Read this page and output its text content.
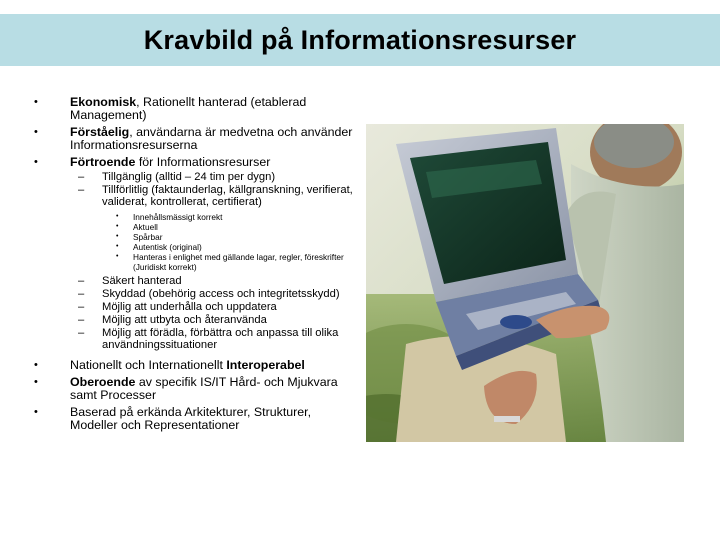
Kravbild på Informationsresurser
•	Ekonomisk, Rationellt hanterad (etablerad Management)
•	Förståelig, användarna är medvetna och använder Informationsresurserna
•	Förtroende för Informationsresurser
– Tillgänglig (alltid – 24 tim per dygn)
– Tillförlitlig (faktaunderlag, källgranskning, verifierat, validerat, kontrollerat, certifierat)
• Innehållsmässigt korrekt
• Aktuell
• Spårbar
• Autentisk (original)
• Hanteras i enlighet med gällande lagar, regler, föreskrifter (Juridiskt korrekt)
– Säkert hanterad
– Skyddad (obehörig access och integritetsskydd)
– Möjlig att underhålla och uppdatera
– Möjlig att utbyta och återanvända
– Möjlig att förädla, förbättra och anpassa till olika användningssituationer
•	Nationellt och Internationellt Interoperabel
•	Oberoende av specifik IS/IT Hård- och Mjukvara samt Processer
•	Baserad på erkända Arkitekturer, Strukturer, Modeller och Representationer
